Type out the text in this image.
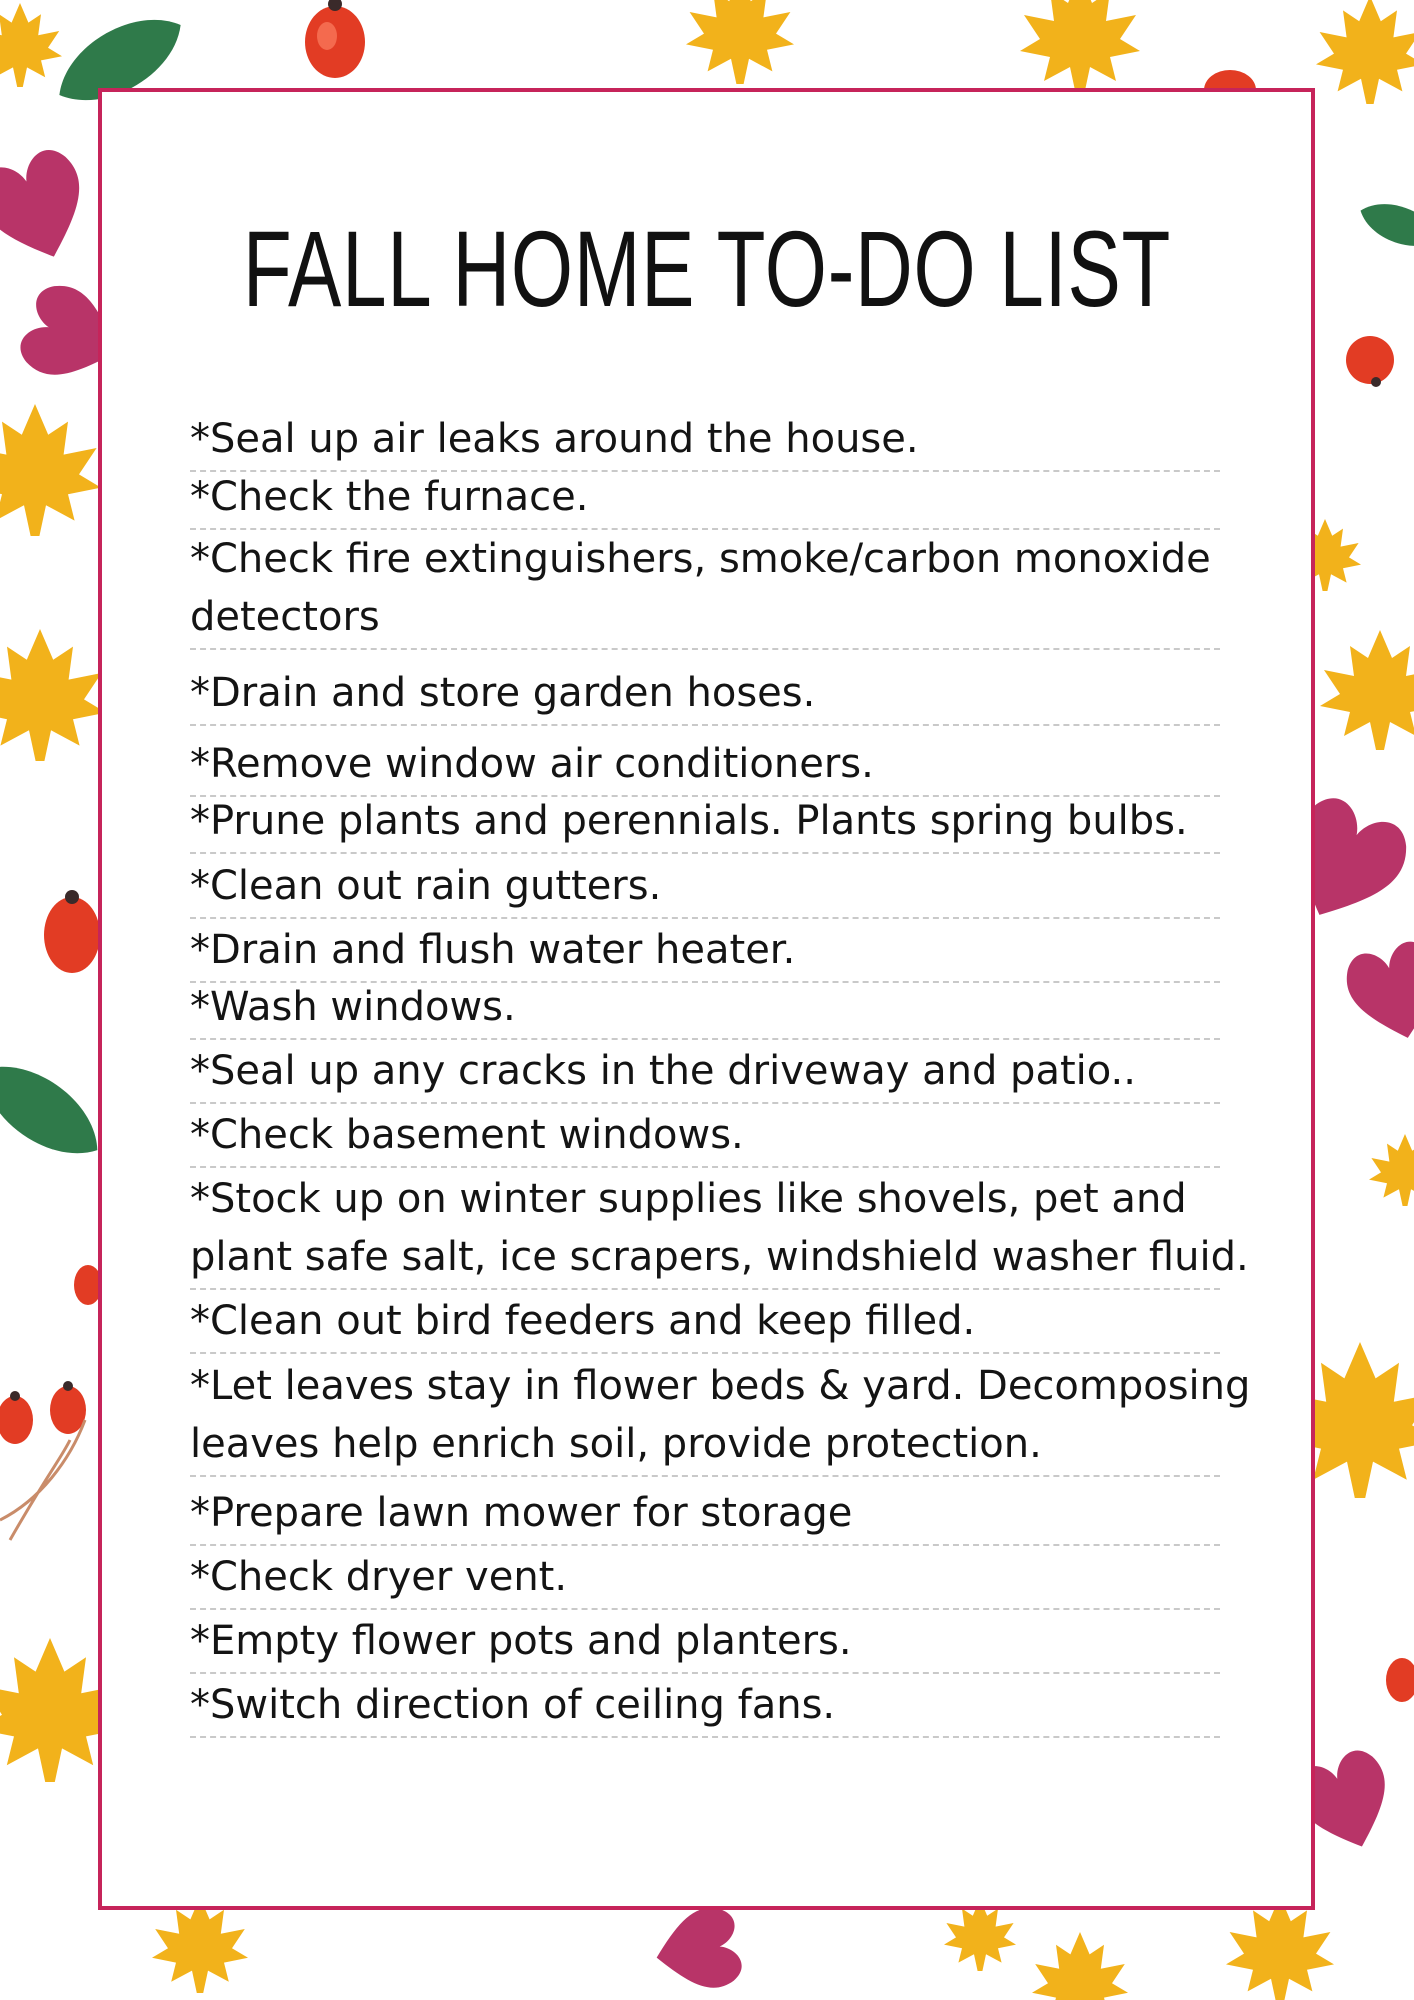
FALL HOME TO-DO LIST
*Seal up air leaks around the house.
*Check the furnace.
*Check fire extinguishers, smoke/carbon monoxide
detectors
*Drain and store garden hoses.
*Remove window air conditioners.
*Prune plants and perennials. Plants spring bulbs.
*Clean out rain gutters.
*Drain and flush water heater.
*Wash windows.
*Seal up any cracks in the driveway and patio..
*Check basement windows.
*Stock up on winter supplies like shovels, pet and
plant safe salt, ice scrapers, windshield washer fluid.
*Clean out bird feeders and keep filled.
*Let leaves stay in flower beds & yard. Decomposing
leaves help enrich soil, provide protection.
*Prepare lawn mower for storage
*Check dryer vent.
*Empty flower pots and planters.
*Switch direction of ceiling fans.
